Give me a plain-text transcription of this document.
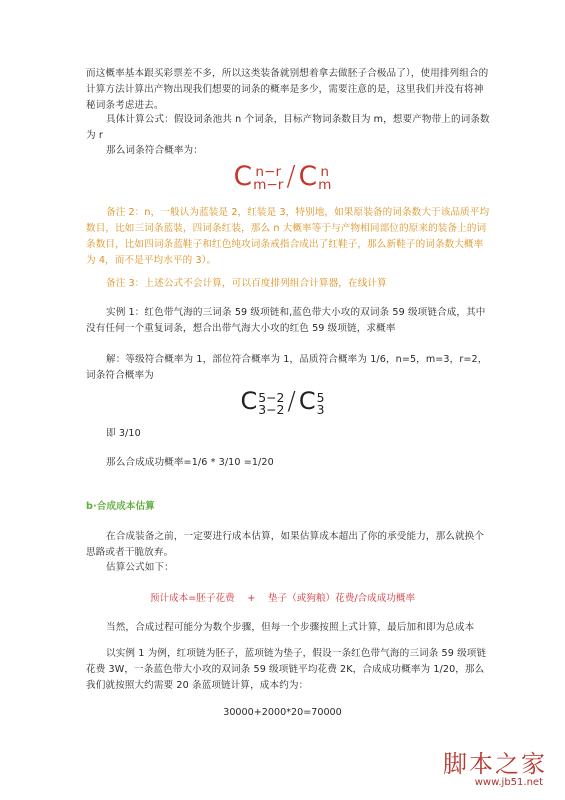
而这概率基本跟买彩票差不多，所以这类装备就别想着拿去做胚子合极品了），使用排列组合的计算方法计算出产物出现我们想要的词条的概率是多少，需要注意的是，这里我们并没有将神秘词条考虑进去。

具体计算公式：假设词条池共 n 个词条，目标产物词条数目为 m，想要产物带上的词条数为 r

那么词条符合概率为：

C n−r
m−r / C n
m

备注 2：n，一般认为蓝装是 2，红装是 3，特别地，如果原装备的词条数大于该品质平均数目，比如三词条蓝装，四词条红装，那么 n 大概率等于与产物相同部位的原来的装备上的词条数目，比如四词条蓝鞋子和红色纯攻词条戒指合成出了红鞋子，那么新鞋子的词条数大概率为 4，而不是平均水平的 3）。

备注 3：上述公式不会计算，可以百度排列组合计算器，在线计算

实例 1：红色带气海的三词条 59 级项链和,蓝色带大小攻的双词条 59 级项链合成，其中没有任何一个重复词条，想合出带气海大小攻的红色 59 级项链，求概率

解：等级符合概率为 1，部位符合概率为 1，品质符合概率为 1/6，n=5，m=3，r=2，词条符合概率为

C 5−2
3−2 / C 5
3

即 3/10

那么合成成功概率=1/6 * 3/10 =1/20

b·合成成本估算

在合成装备之前，一定要进行成本估算，如果估算成本超出了你的承受能力，那么就换个思路或者干脆放弃。

估算公式如下：

预计成本=胚子花费　 +　 垫子（或狗粮）花费/合成成功概率

当然，合成过程可能分为数个步骤，但每一个步骤按照上式计算，最后加和即为总成本

以实例 1 为例，红项链为胚子，蓝项链为垫子，假设一条红色带气海的三词条 59 级项链花费 3W，一条蓝色带大小攻的双词条 59 级项链平均花费 2K，合成成功概率为 1/20，那么我们就按照大约需要 20 条蓝项链计算，成本约为：

30000+2000*20=70000

脚本之家
www.jb51.net
